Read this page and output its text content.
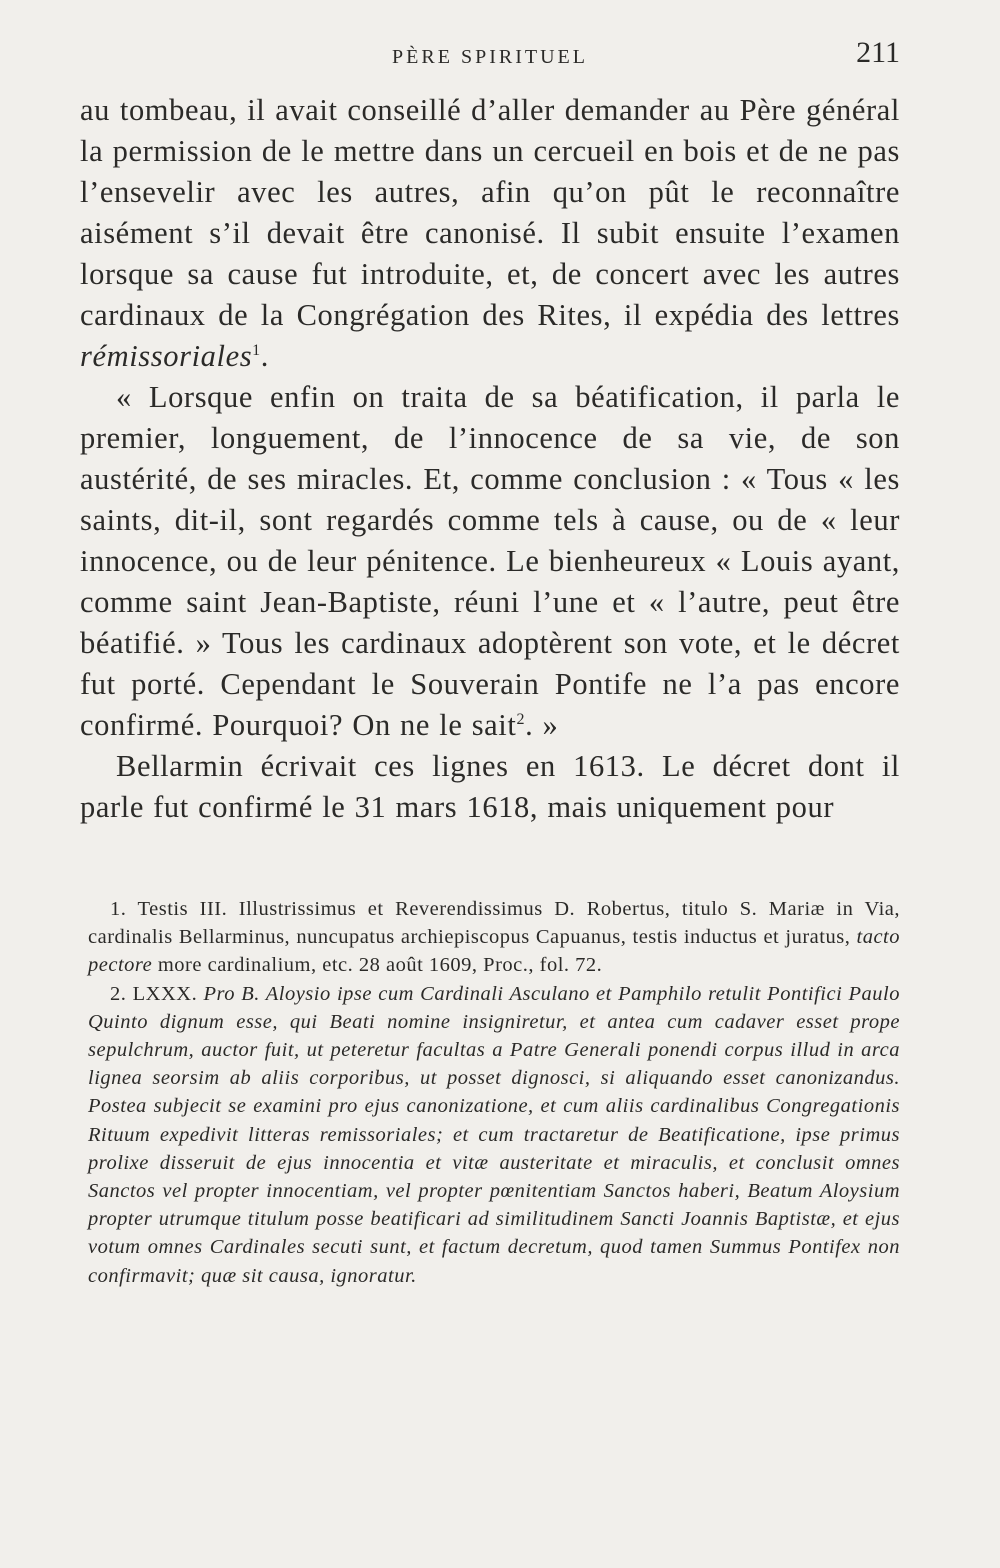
PÈRE SPIRITUEL	211

au tombeau, il avait conseillé d’aller demander au Père général la permission de le mettre dans un cercueil en bois et de ne pas l’ensevelir avec les autres, afin qu’on pût le reconnaître aisément s’il devait être canonisé. Il subit ensuite l’examen lorsque sa cause fut introduite, et, de concert avec les autres cardinaux de la Congrégation des Rites, il expédia des lettres rémissoriales$^1$.

« Lorsque enfin on traita de sa béatification, il parla le premier, longuement, de l’innocence de sa vie, de son austérité, de ses miracles. Et, comme conclusion : « Tous « les saints, dit-il, sont regardés comme tels à cause, ou de « leur innocence, ou de leur pénitence. Le bienheureux « Louis ayant, comme saint Jean-Baptiste, réuni l’une et « l’autre, peut être béatifié. » Tous les cardinaux adoptèrent son vote, et le décret fut porté. Cependant le Souverain Pontife ne l’a pas encore confirmé. Pourquoi? On ne le sait$^2$. »

Bellarmin écrivait ces lignes en 1613. Le décret dont il parle fut confirmé le 31 mars 1618, mais uniquement pour

1. Testis III. Illustrissimus et Reverendissimus D. Robertus, titulo S. Mariæ in Via, cardinalis Bellarminus, nuncupatus archiepiscopus Capuanus, testis inductus et juratus, tacto pectore more cardinalium, etc. 28 août 1609, Proc., fol. 72.

2. LXXX. Pro B. Aloysio ipse cum Cardinali Asculano et Pamphilo retulit Pontifici Paulo Quinto dignum esse, qui Beati nomine insigniretur, et antea cum cadaver esset prope sepulchrum, auctor fuit, ut peteretur facultas a Patre Generali ponendi corpus illud in arca lignea seorsim ab aliis corporibus, ut posset dignosci, si aliquando esset canonizandus. Postea subjecit se examini pro ejus canonizatione, et cum aliis cardinalibus Congregationis Rituum expedivit litteras remissoriales; et cum tractaretur de Beatificatione, ipse primus prolixe disseruit de ejus innocentia et vitæ austeritate et miraculis, et conclusit omnes Sanctos vel propter innocentiam, vel propter pœnitentiam Sanctos haberi, Beatum Aloysium propter utrumque titulum posse beatificari ad similitudinem Sancti Joannis Baptistæ, et ejus votum omnes Cardinales secuti sunt, et factum decretum, quod tamen Summus Pontifex non confirmavit; quæ sit causa, ignoratur.
